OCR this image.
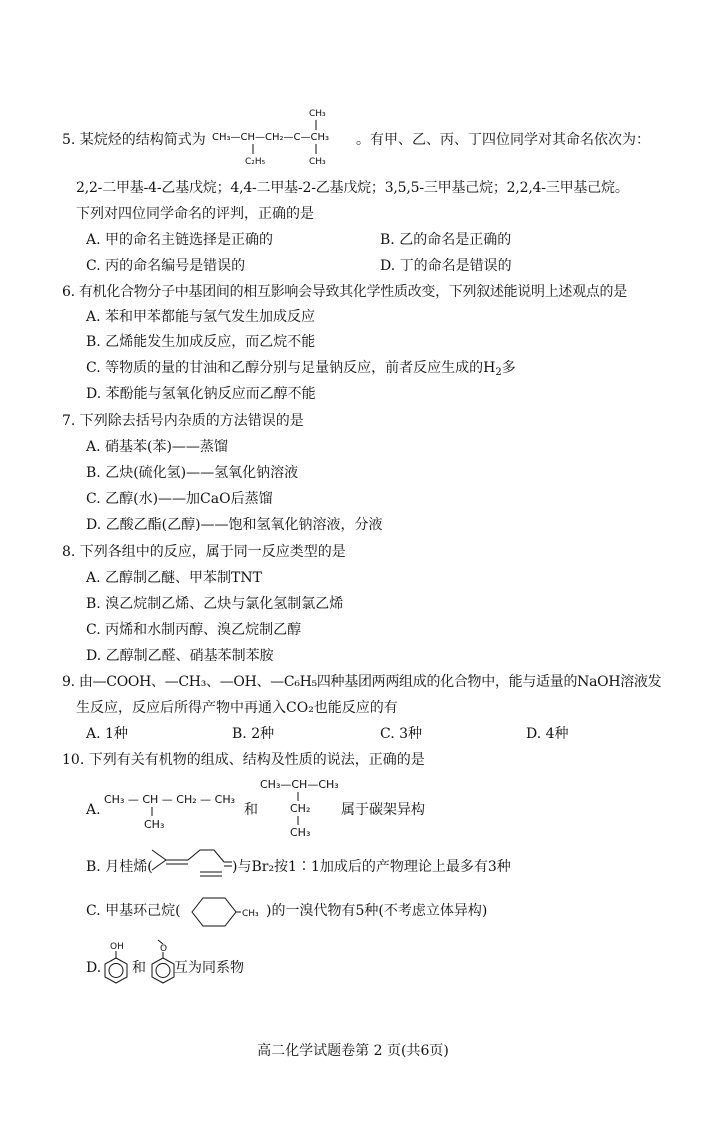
5. 某烷烃的结构简式为
CH₃
CH₃—CH—CH₂—C—CH₃
C₂H₅	CH₃
。有甲、乙、丙、丁四位同学对其命名依次为：
2,2-二甲基-4-乙基戊烷；4,4-二甲基-2-乙基戊烷；3,5,5-三甲基己烷；2,2,4-三甲基己烷。
下列对四位同学命名的评判，正确的是
A. 甲的命名主链选择是正确的	B. 乙的命名是正确的
C. 丙的命名编号是错误的	D. 丁的命名是错误的
6. 有机化合物分子中基团间的相互影响会导致其化学性质改变，下列叙述能说明上述观点的是
A. 苯和甲苯都能与氢气发生加成反应
B. 乙烯能发生加成反应，而乙烷不能
C. 等物质的量的甘油和乙醇分别与足量钠反应，前者反应生成的$H_2$多
D. 苯酚能与氢氧化钠反应而乙醇不能
7. 下列除去括号内杂质的方法错误的是
A. 硝基苯(苯)——蒸馏
B. 乙炔(硫化氢)——氢氧化钠溶液
C. 乙醇(水)——加CaO后蒸馏
D. 乙酸乙酯(乙醇)——饱和氢氧化钠溶液，分液
8. 下列各组中的反应，属于同一反应类型的是
A. 乙醇制乙醚、甲苯制TNT
B. 溴乙烷制乙烯、乙炔与氯化氢制氯乙烯
C. 丙烯和水制丙醇、溴乙烷制乙醇
D. 乙醇制乙醛、硝基苯制苯胺
9. 由—COOH、—CH₃、—OH、—C₆H₅四种基团两两组成的化合物中，能与适量的NaOH溶液发
生反应，反应后所得产物中再通入CO₂也能反应的有
A. 1种	B. 2种	C. 3种	D. 4种
10. 下列有关有机物的组成、结构及性质的说法，正确的是
A.
CH₃ — CH — CH₂ — CH₃
CH₃
和
CH₃—CH—CH₃
CH₂
CH₃
属于碳架异构
B. 月桂烯(	)与Br₂按1∶1加成后的产物理论上最多有3种
C. 甲基环己烷(	CH₃ )的一溴代物有5种(不考虑立体异构)
D.
OH
和
O
互为同系物
高二化学试题卷第 2 页(共6页)
